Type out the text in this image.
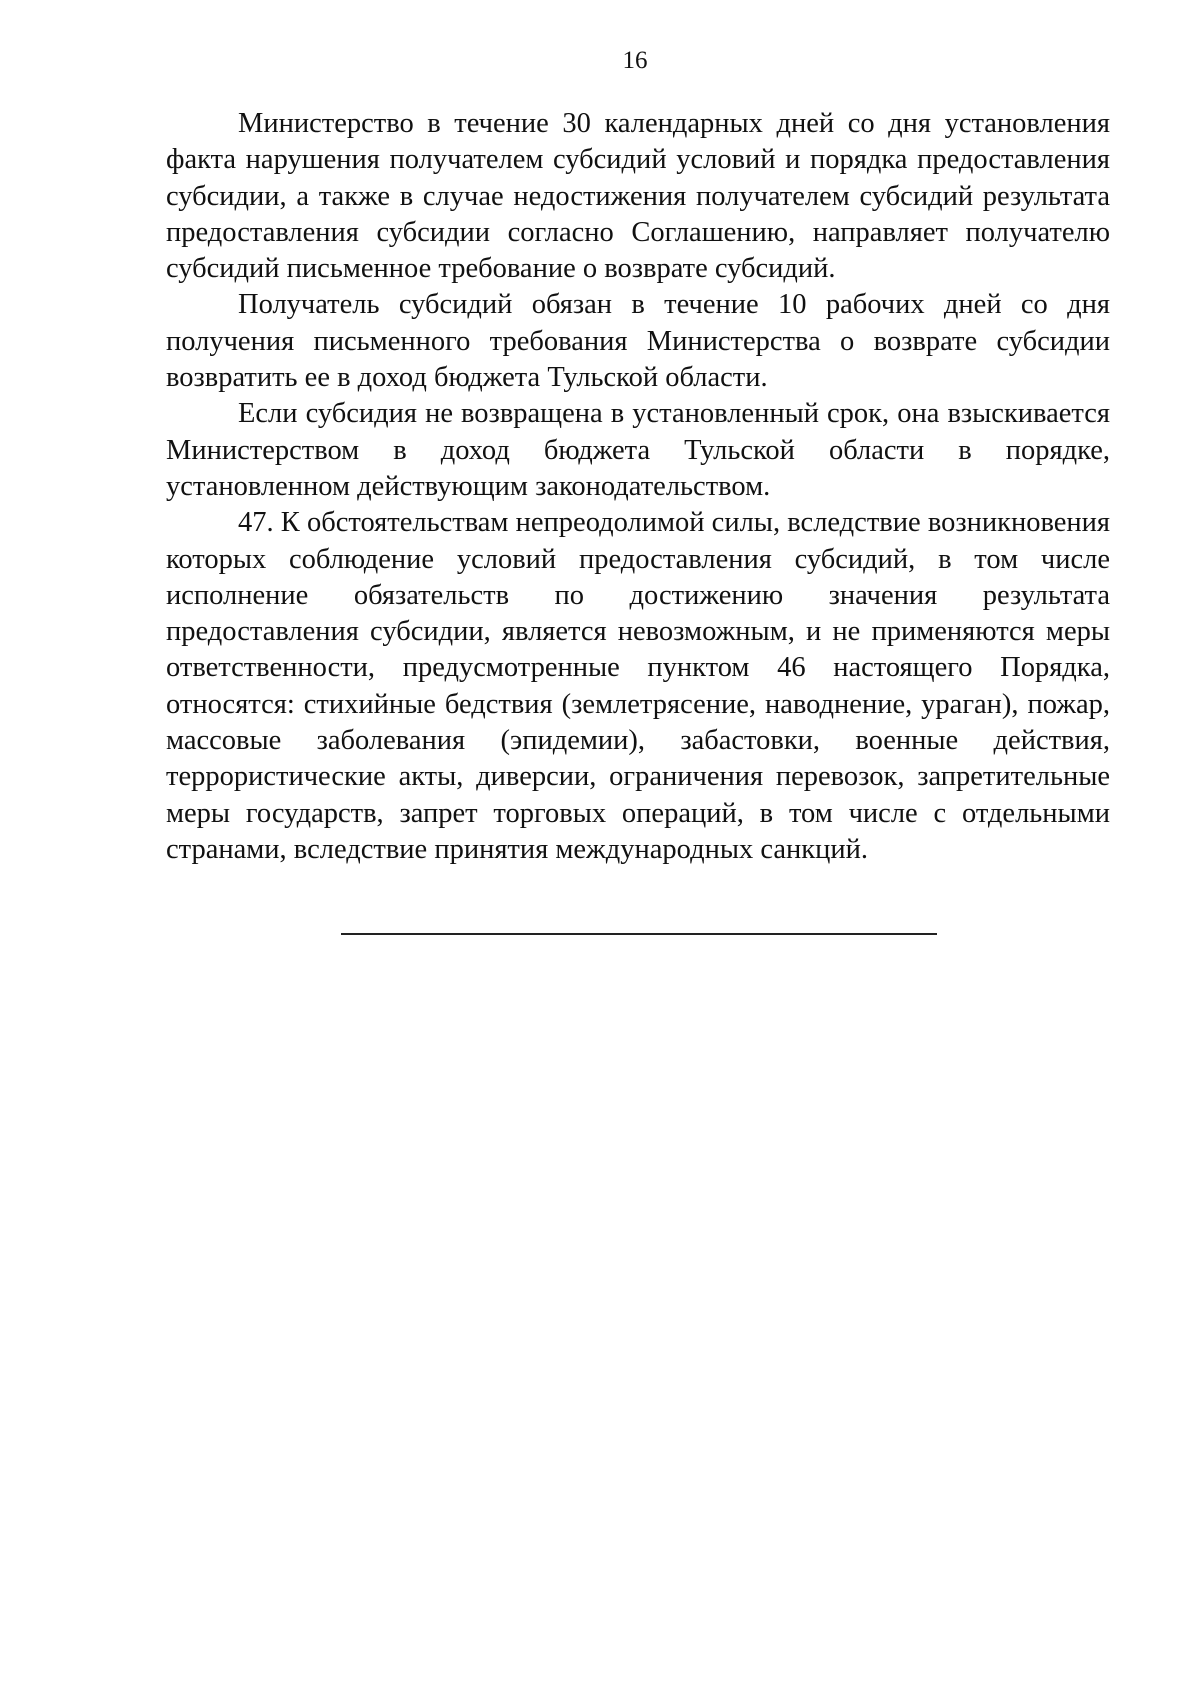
16

Министерство в течение 30 календарных дней со дня установления факта нарушения получателем субсидий условий и порядка предоставления субсидии, а также в случае недостижения получателем субсидий результата предоставления субсидии согласно Соглашению, направляет получателю субсидий письменное требование о возврате субсидий.

Получатель субсидий обязан в течение 10 рабочих дней со дня получения письменного требования Министерства о возврате субсидии возвратить ее в доход бюджета Тульской области.

Если субсидия не возвращена в установленный срок, она взыскивается Министерством в доход бюджета Тульской области в порядке, установленном действующим законодательством.

47. К обстоятельствам непреодолимой силы, вследствие возникновения которых соблюдение условий предоставления субсидий, в том числе исполнение обязательств по достижению значения результата предоставления субсидии, является невозможным, и не применяются меры ответственности, предусмотренные пунктом 46 настоящего Порядка, относятся: стихийные бедствия (землетрясение, наводнение, ураган), пожар, массовые заболевания (эпидемии), забастовки, военные действия, террористические акты, диверсии, ограничения перевозок, запретительные меры государств, запрет торговых операций, в том числе с отдельными странами, вследствие принятия международных санкций.
